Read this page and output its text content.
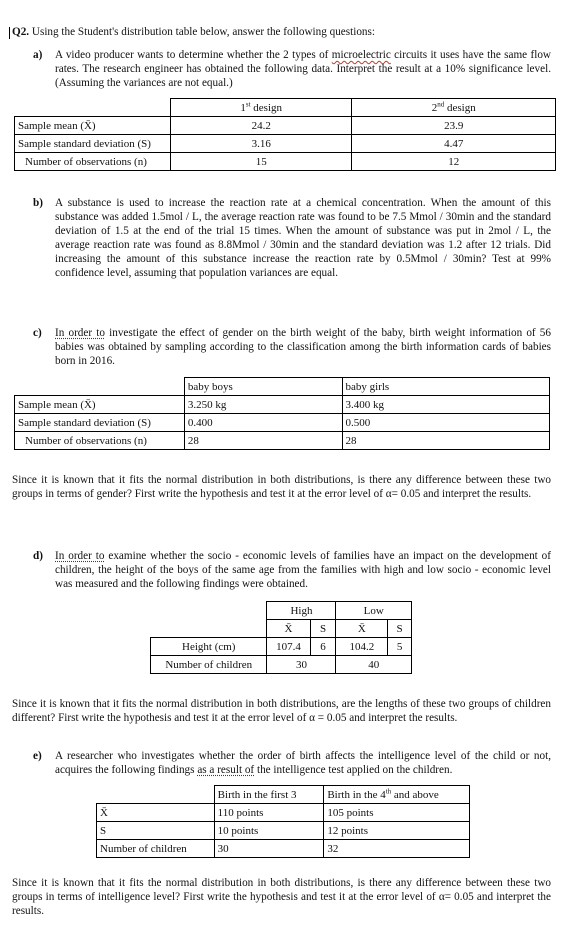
Q2. Using the Student's distribution table below, answer the following questions:
a) A video producer wants to determine whether the 2 types of microelectric circuits it uses have the same flow rates. The research engineer has obtained the following data. Interpret the result at a 10% significance level. (Assuming the variances are not equal.)
	1st design	2nd design
Sample mean (X̄)	24.2	23.9
Sample standard deviation (S)	3.16	4.47
Number of observations (n)	15	12
b) A substance is used to increase the reaction rate at a chemical concentration. When the amount of this substance was added 1.5mol / L, the average reaction rate was found to be 7.5 Mmol / 30min and the standard deviation of 1.5 at the end of the trial 15 times. When the amount of substance was put in 2mol / L, the average reaction rate was found as 8.8Mmol / 30min and the standard deviation was 1.2 after 12 trials. Did increasing the amount of this substance increase the reaction rate by 0.5Mmol / 30min? Test at 99% confidence level, assuming that population variances are equal.
c) In order to investigate the effect of gender on the birth weight of the baby, birth weight information of 56 babies was obtained by sampling according to the classification among the birth information cards of babies born in 2016.
	baby boys	baby girls
Sample mean (X̄)	3.250 kg	3.400 kg
Sample standard deviation (S)	0.400	0.500
Number of observations (n)	28	28
Since it is known that it fits the normal distribution in both distributions, is there any difference between these two groups in terms of gender? First write the hypothesis and test it at the error level of α= 0.05 and interpret the results.
d) In order to examine whether the socio - economic levels of families have an impact on the development of children, the height of the boys of the same age from the families with high and low socio - economic level was measured and the following findings were obtained.
	High		Low	
	X̄	S	X̄	S
Height (cm)	107.4	6	104.2	5
Number of children	30		40	
Since it is known that it fits the normal distribution in both distributions, are the lengths of these two groups of children different? First write the hypothesis and test it at the error level of α = 0.05 and interpret the results.
e) A researcher who investigates whether the order of birth affects the intelligence level of the child or not, acquires the following findings as a result of the intelligence test applied on the children.
	Birth in the first 3	Birth in the 4th and above
X̄	110 points	105 points
S	10 points	12 points
Number of children	30	32
Since it is known that it fits the normal distribution in both distributions, is there any difference between these two groups in terms of intelligence level? First write the hypothesis and test it at the error level of α= 0.05 and interpret the results.
